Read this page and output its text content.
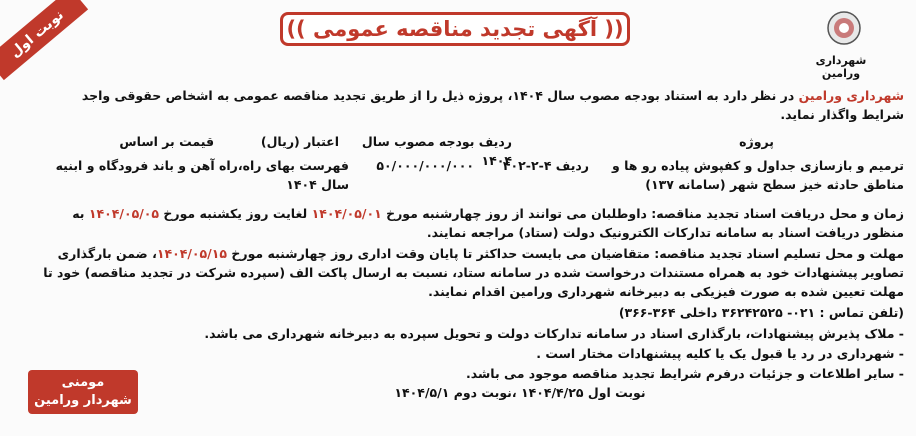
نوبت اول	(( آگهی تجدید مناقصه عمومی ))
شهرداری ورامین
شهرداری ورامین در نظر دارد به استناد بودجه مصوب سال ۱۴۰۴، پروژه ذیل را از طریق تجدید مناقصه عمومی به اشخاص حقوقی واجد شرایط واگذار نماید.
پروژه
ردیف بودجه مصوب سال ۱۴۰۴
اعتبار (ریال)
قیمت بر اساس
ترمیم و بازسازی جداول و کفپوش پیاده رو ها و
مناطق حادثه خیز سطح شهر (سامانه ۱۳۷)
ردیف ۴-۲-۴۰۲
۵۰/۰۰۰/۰۰۰/۰۰۰
فهرست بهای راه،راه آهن و باند فرودگاه و ابنیه سال ۱۴۰۴
زمان و محل دریافت اسناد تجدید مناقصه: داوطلبان می توانند از روز چهارشنبه مورخ ۱۴۰۴/۰۵/۰۱ لغایت روز یکشنبه مورخ ۱۴۰۴/۰۵/۰۵ به منظور دریافت اسناد به سامانه تدارکات الکترونیک دولت (ستاد) مراجعه نمایند.
مهلت و محل تسلیم اسناد تجدید مناقصه: متقاضیان می بایست حداکثر تا پایان وقت اداری روز چهارشنبه مورخ ۱۴۰۴/۰۵/۱۵، ضمن بارگذاری تصاویر پیشنهادات خود به همراه مستندات درخواست شده در سامانه ستاد، نسبت به ارسال پاکت الف (سپرده شرکت در تجدید مناقصه) خود تا مهلت تعیین شده به صورت فیزیکی به دبیرخانه شهرداری ورامین اقدام نمایند.
(تلفن تماس : ۰۲۱- ۳۶۲۴۲۵۲۵ داخلی ۳۶۴-۳۶۶)
- ملاک پذیرش پیشنهادات، بارگذاری اسناد در سامانه تدارکات دولت و تحویل سپرده به دبیرخانه شهرداری می باشد.
- شهرداری در رد یا قبول یک یا کلیه پیشنهادات مختار است .
- سایر اطلاعات و جزئیات درفرم شرایط تجدید مناقصه موجود می باشد.
نوبت اول ۱۴۰۴/۴/۲۵ ،نوبت دوم ۱۴۰۴/۵/۱
مومنی
شهردار ورامین
